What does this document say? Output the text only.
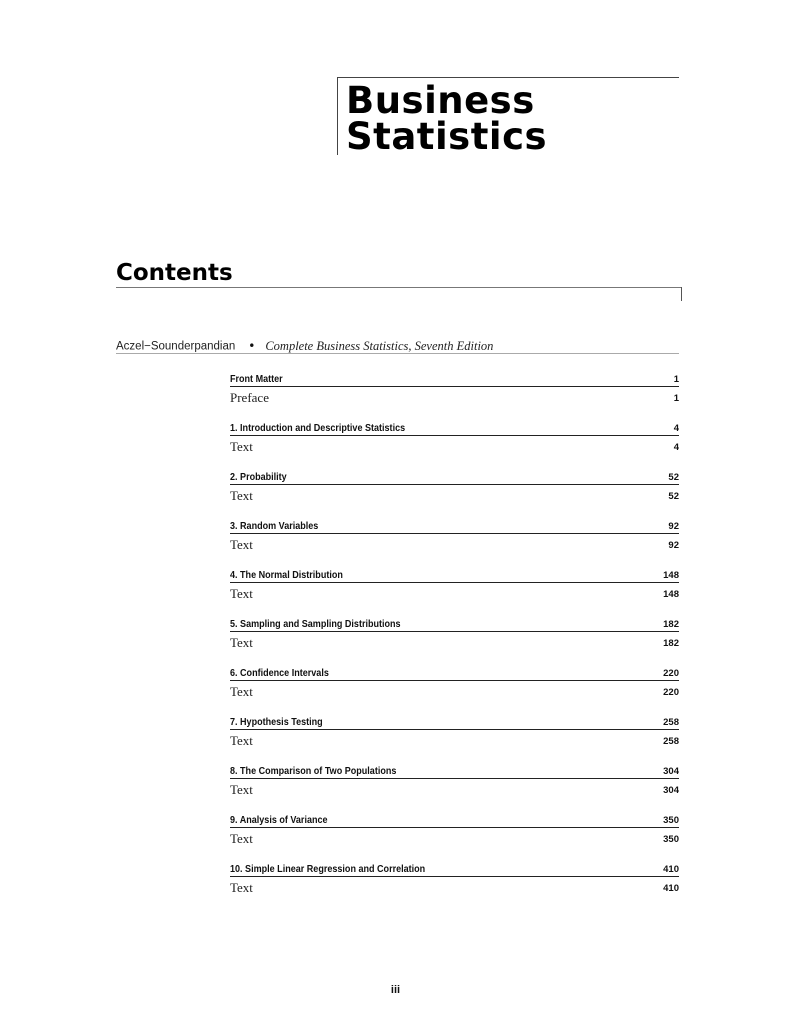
Business
Statistics
Contents
Aczel−Sounderpandian • Complete Business Statistics, Seventh Edition
Front Matter	1
Preface	1
1. Introduction and Descriptive Statistics	4
Text	4
2. Probability	52
Text	52
3. Random Variables	92
Text	92
4. The Normal Distribution	148
Text	148
5. Sampling and Sampling Distributions	182
Text	182
6. Confidence Intervals	220
Text	220
7. Hypothesis Testing	258
Text	258
8. The Comparison of Two Populations	304
Text	304
9. Analysis of Variance	350
Text	350
10. Simple Linear Regression and Correlation	410
Text	410
iii
